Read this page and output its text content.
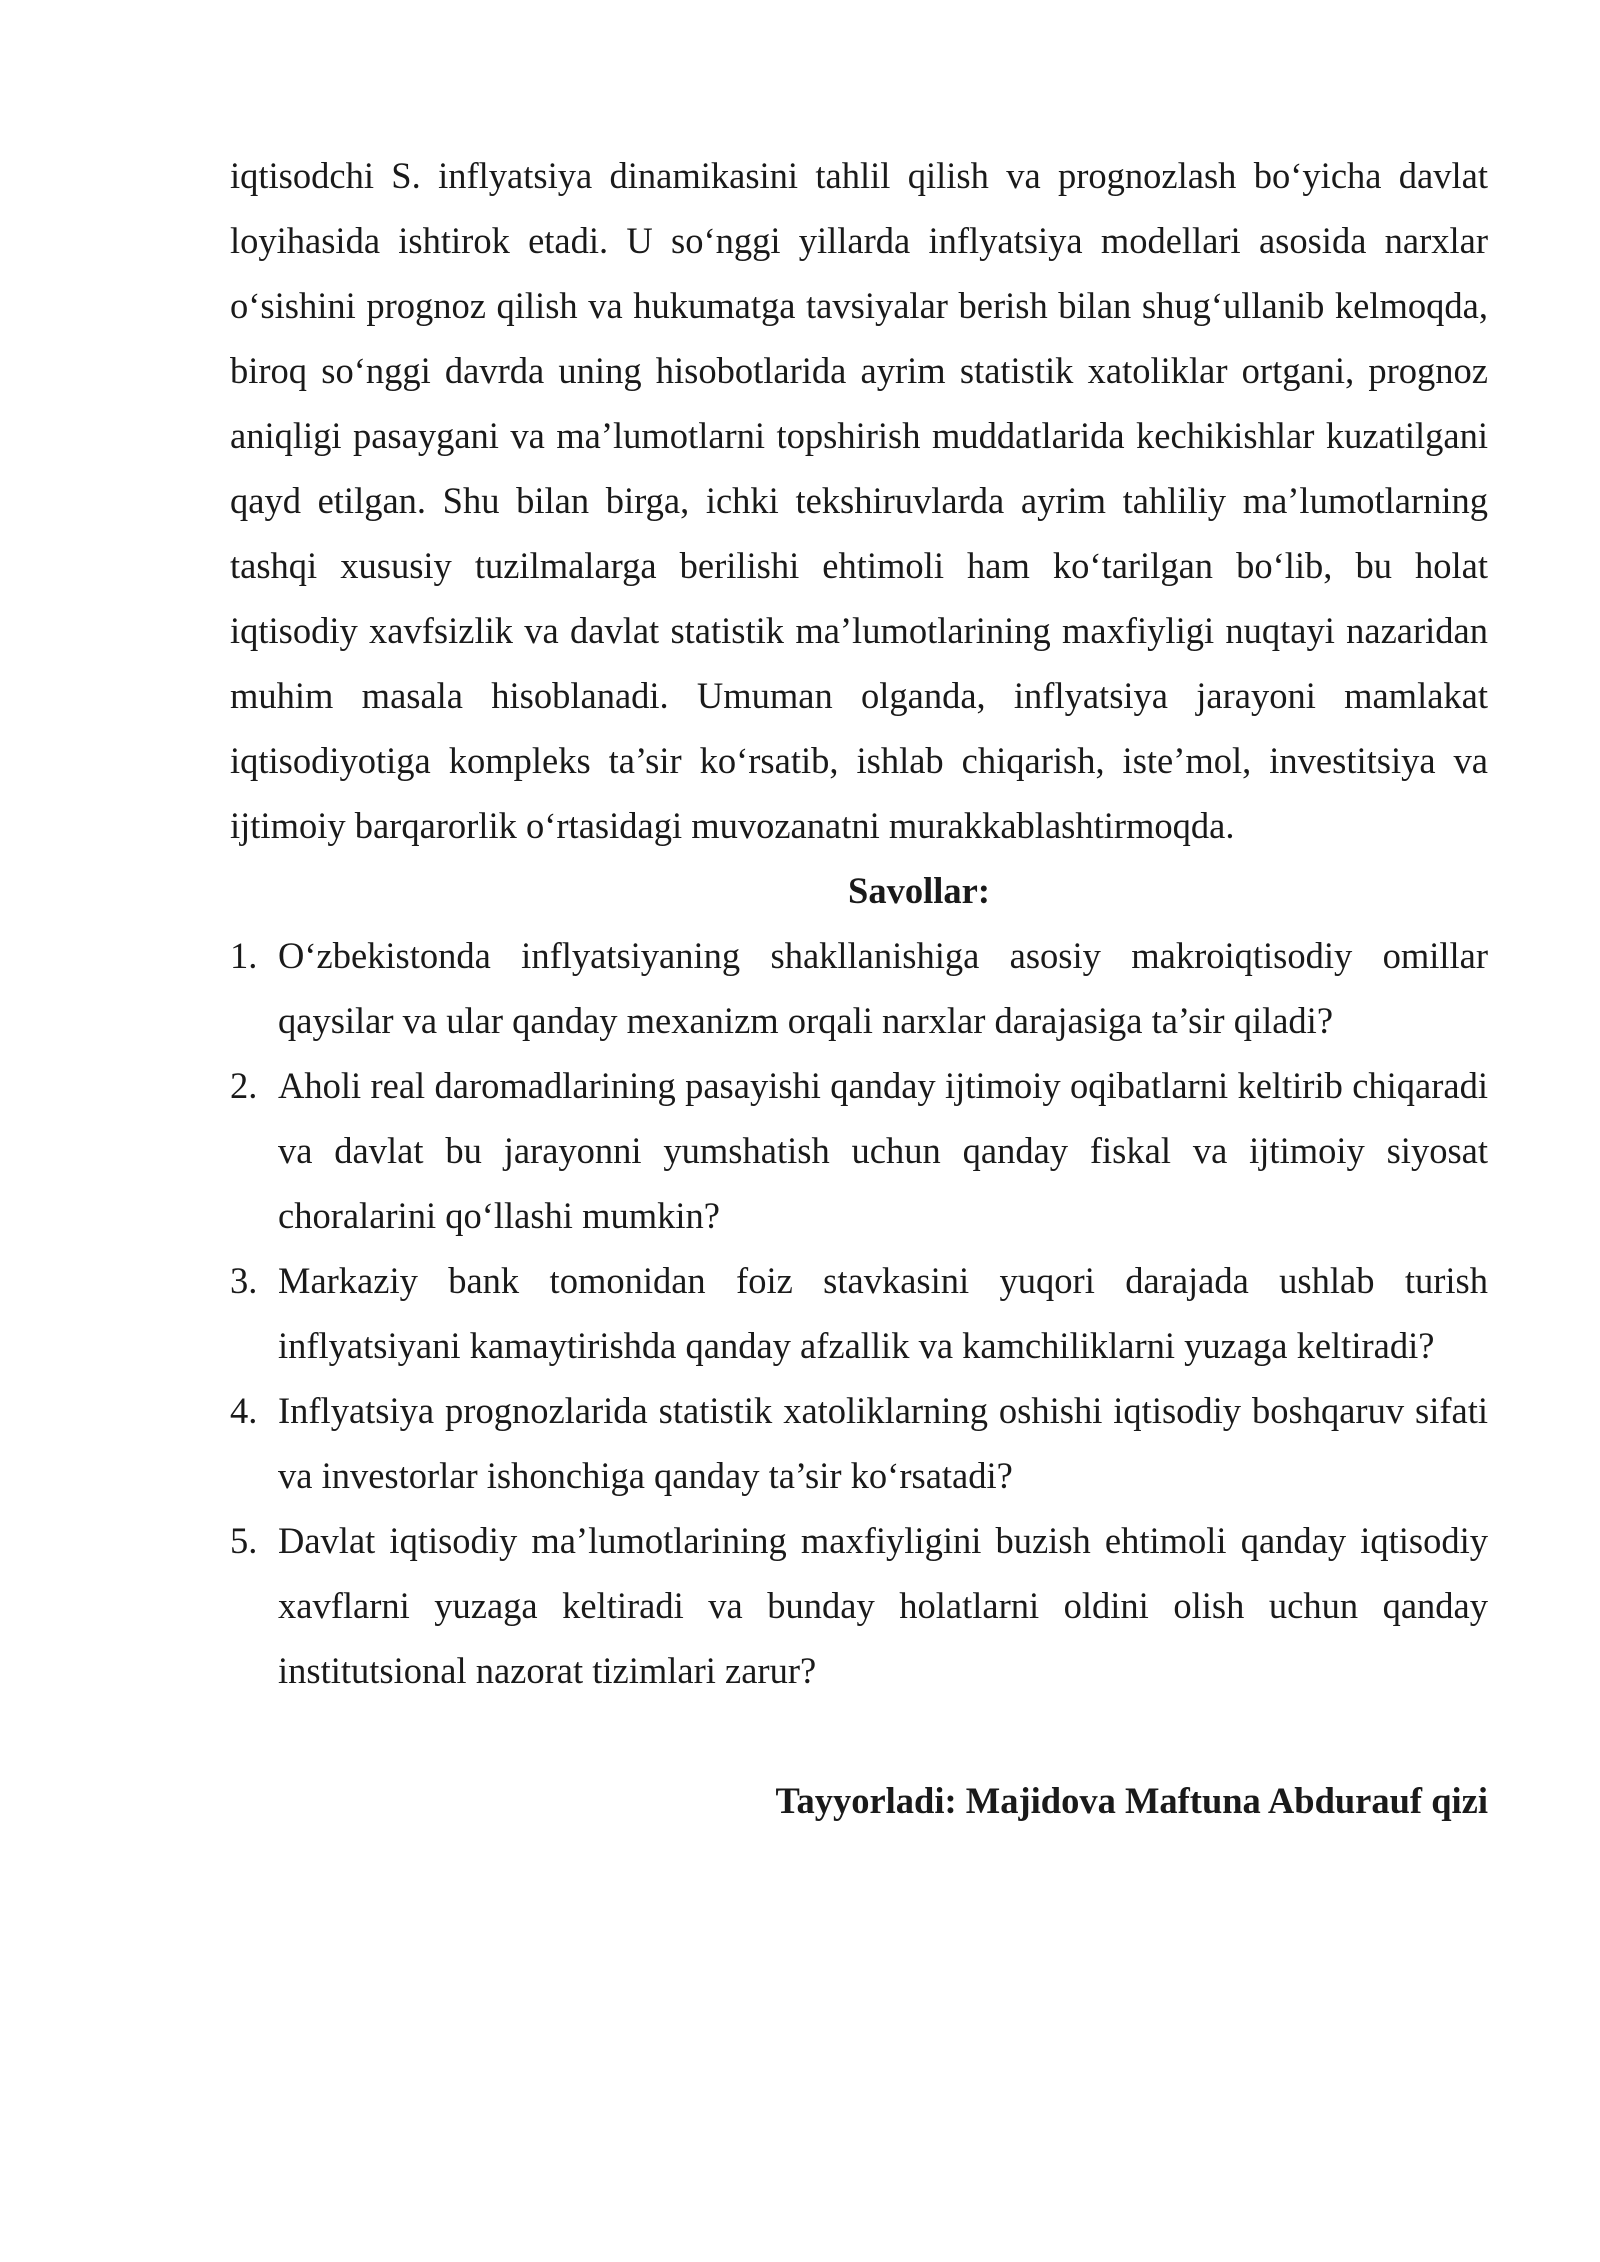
iqtisodchi S. inflyatsiya dinamikasini tahlil qilish va prognozlash bo‘yicha davlat loyihasida ishtirok etadi. U so‘nggi yillarda inflyatsiya modellari asosida narxlar o‘sishini prognoz qilish va hukumatga tavsiyalar berish bilan shug‘ullanib kelmoqda, biroq so‘nggi davrda uning hisobotlarida ayrim statistik xatoliklar ortgani, prognoz aniqligi pasaygani va ma’lumotlarni topshirish muddatlarida kechikishlar kuzatilgani qayd etilgan. Shu bilan birga, ichki tekshiruvlarda ayrim tahliliy ma’lumotlarning tashqi xususiy tuzilmalarga berilishi ehtimoli ham ko‘tarilgan bo‘lib, bu holat iqtisodiy xavfsizlik va davlat statistik ma’lumotlarining maxfiyligi nuqtayi nazaridan muhim masala hisoblanadi. Umuman olganda, inflyatsiya jarayoni mamlakat iqtisodiyotiga kompleks ta’sir ko‘rsatib, ishlab chiqarish, iste’mol, investitsiya va ijtimoiy barqarorlik o‘rtasidagi muvozanatni murakkablashtirmoqda.

Savollar:

1. O‘zbekistonda inflyatsiyaning shakllanishiga asosiy makroiqtisodiy omillar qaysilar va ular qanday mexanizm orqali narxlar darajasiga ta’sir qiladi?
2. Aholi real daromadlarining pasayishi qanday ijtimoiy oqibatlarni keltirib chiqaradi va davlat bu jarayonni yumshatish uchun qanday fiskal va ijtimoiy siyosat choralarini qo‘llashi mumkin?
3. Markaziy bank tomonidan foiz stavkasini yuqori darajada ushlab turish inflyatsiyani kamaytirishda qanday afzallik va kamchiliklarni yuzaga keltiradi?
4. Inflyatsiya prognozlarida statistik xatoliklarning oshishi iqtisodiy boshqaruv sifati va investorlar ishonchiga qanday ta’sir ko‘rsatadi?
5. Davlat iqtisodiy ma’lumotlarining maxfiyligini buzish ehtimoli qanday iqtisodiy xavflarni yuzaga keltiradi va bunday holatlarni oldini olish uchun qanday institutsional nazorat tizimlari zarur?

Tayyorladi: Majidova Maftuna Abdurauf qizi
